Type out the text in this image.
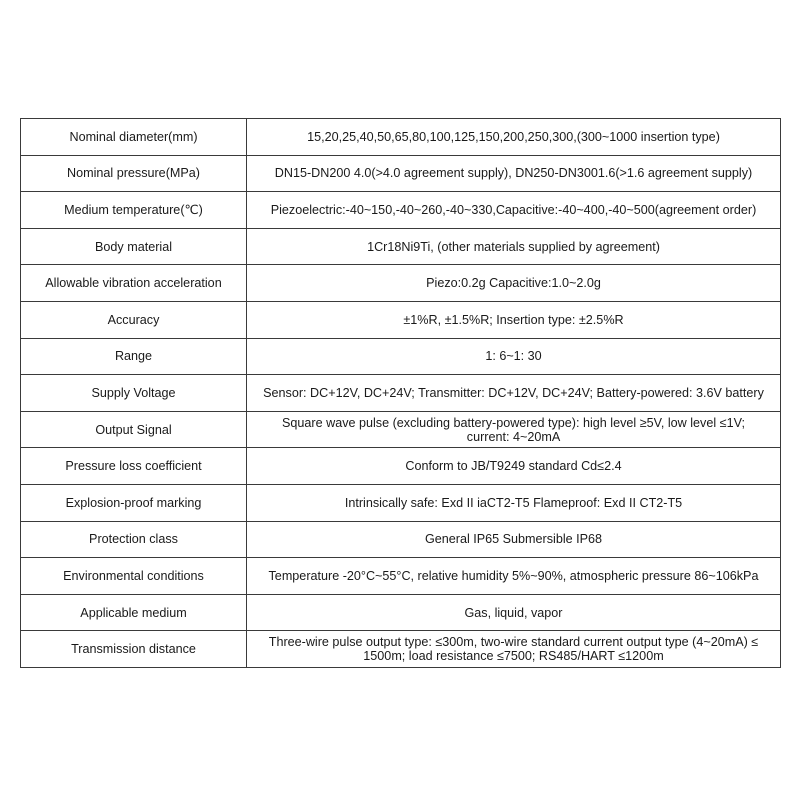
Nominal diameter(mm)	15,20,25,40,50,65,80,100,125,150,200,250,300,(300~1000 insertion type)
Nominal pressure(MPa)	DN15-DN200 4.0(>4.0 agreement supply), DN250-DN3001.6(>1.6 agreement supply)
Medium temperature(℃)	Piezoelectric:-40~150,-40~260,-40~330,Capacitive:-40~400,-40~500(agreement order)
Body material	1Cr18Ni9Ti, (other materials supplied by agreement)
Allowable vibration acceleration	Piezo:0.2g Capacitive:1.0~2.0g
Accuracy	±1%R, ±1.5%R; Insertion type: ±2.5%R
Range	1: 6~1: 30
Supply Voltage	Sensor: DC+12V, DC+24V; Transmitter: DC+12V, DC+24V; Battery-powered: 3.6V battery
Output Signal	Square wave pulse (excluding battery-powered type): high level ≥5V, low level ≤1V; current: 4~20mA
Pressure loss coefficient	Conform to JB/T9249 standard Cd≤2.4
Explosion-proof marking	Intrinsically safe: Exd II iaCT2-T5 Flameproof: Exd II CT2-T5
Protection class	General IP65 Submersible IP68
Environmental conditions	Temperature -20°C~55°C, relative humidity 5%~90%, atmospheric pressure 86~106kPa
Applicable medium	Gas, liquid, vapor
Transmission distance	Three-wire pulse output type: ≤300m, two-wire standard current output type (4~20mA) ≤ 1500m; load resistance ≤7500; RS485/HART ≤1200m
